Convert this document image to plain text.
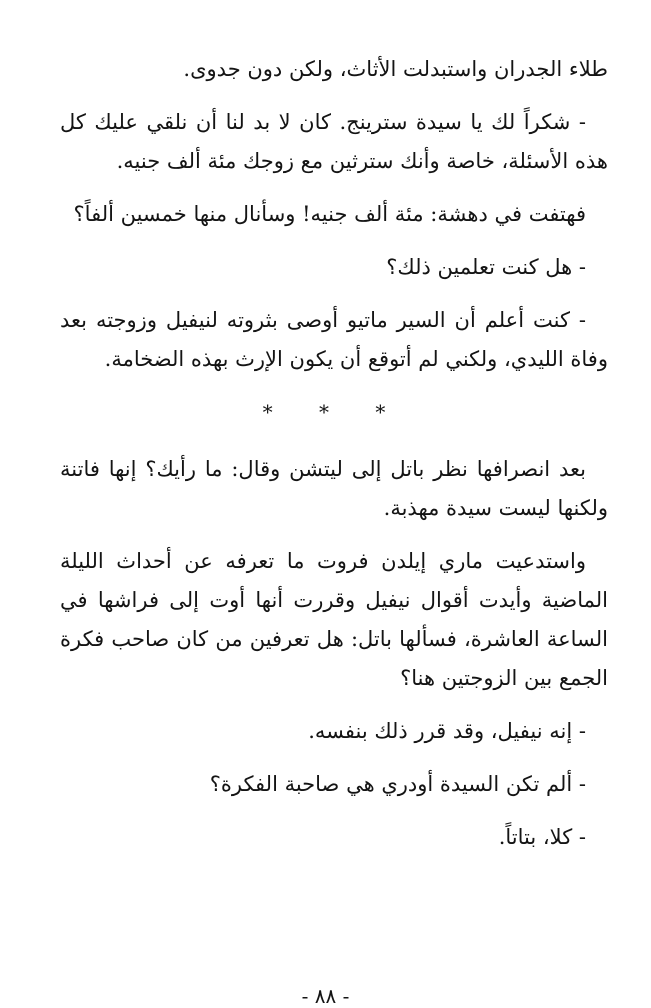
طلاء الجدران واستبدلت الأثاث، ولكن دون جدوى.

- شكراً لك يا سيدة سترينج. كان لا بد لنا أن نلقي عليك كل هذه الأسئلة، خاصة وأنك سترثين مع زوجك مئة ألف جنيه.

فهتفت في دهشة: مئة ألف جنيه! وسأنال منها خمسين ألفاً؟

- هل كنت تعلمين ذلك؟

- كنت أعلم أن السير ماتيو أوصى بثروته لنيفيل وزوجته بعد وفاة الليدي، ولكني لم أتوقع أن يكون الإرث بهذه الضخامة.

* * *

بعد انصرافها نظر باتل إلى ليتشن وقال: ما رأيك؟ إنها فاتنة ولكنها ليست سيدة مهذبة.

واستدعيت ماري إيلدن فروت ما تعرفه عن أحداث الليلة الماضية وأيدت أقوال نيفيل وقررت أنها أوت إلى فراشها في الساعة العاشرة، فسألها باتل: هل تعرفين من كان صاحب فكرة الجمع بين الزوجتين هنا؟

- إنه نيفيل، وقد قرر ذلك بنفسه.

- ألم تكن السيدة أودري هي صاحبة الفكرة؟

- كلا، بتاتاً.

- ٨٨ -
